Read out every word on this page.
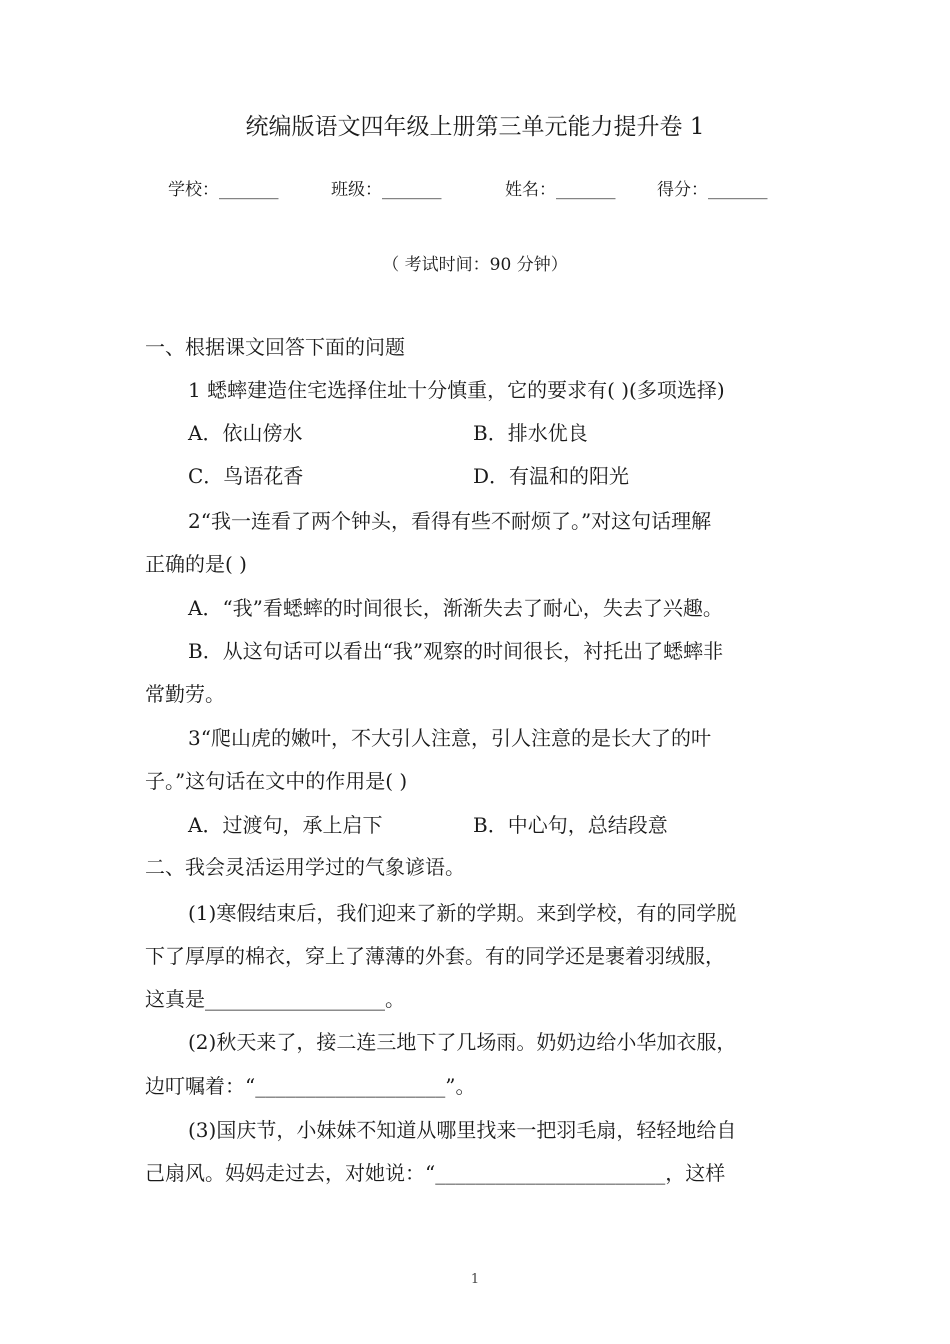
统编版语文四年级上册第三单元能力提升卷 1
学校：_______	班级：_______	姓名：_______ 得分：_______
（ 考试时间：90 分钟）
一、根据课文回答下面的问题
1 蟋蟀建造住宅选择住址十分慎重，它的要求有( )(多项选择)
A．依山傍水	B．排水优良
C．鸟语花香	D．有温和的阳光
2“我一连看了两个钟头，看得有些不耐烦了。”对这句话理解
正确的是( )
A．“我”看蟋蟀的时间很长，渐渐失去了耐心，失去了兴趣。
B．从这句话可以看出“我”观察的时间很长，衬托出了蟋蟀非
常勤劳。
3“爬山虎的嫩叶，不大引人注意，引人注意的是长大了的叶
子。”这句话在文中的作用是( )
A．过渡句，承上启下	B．中心句，总结段意
二、我会灵活运用学过的气象谚语。
(1)寒假结束后，我们迎来了新的学期。来到学校，有的同学脱
下了厚厚的棉衣，穿上了薄薄的外套。有的同学还是裹着羽绒服，
这真是__________________。
(2)秋天来了，接二连三地下了几场雨。奶奶边给小华加衣服，
边叮嘱着：“___________________”。
(3)国庆节，小妹妹不知道从哪里找来一把羽毛扇，轻轻地给自
己扇风。妈妈走过去，对她说：“_______________________，这样
1
